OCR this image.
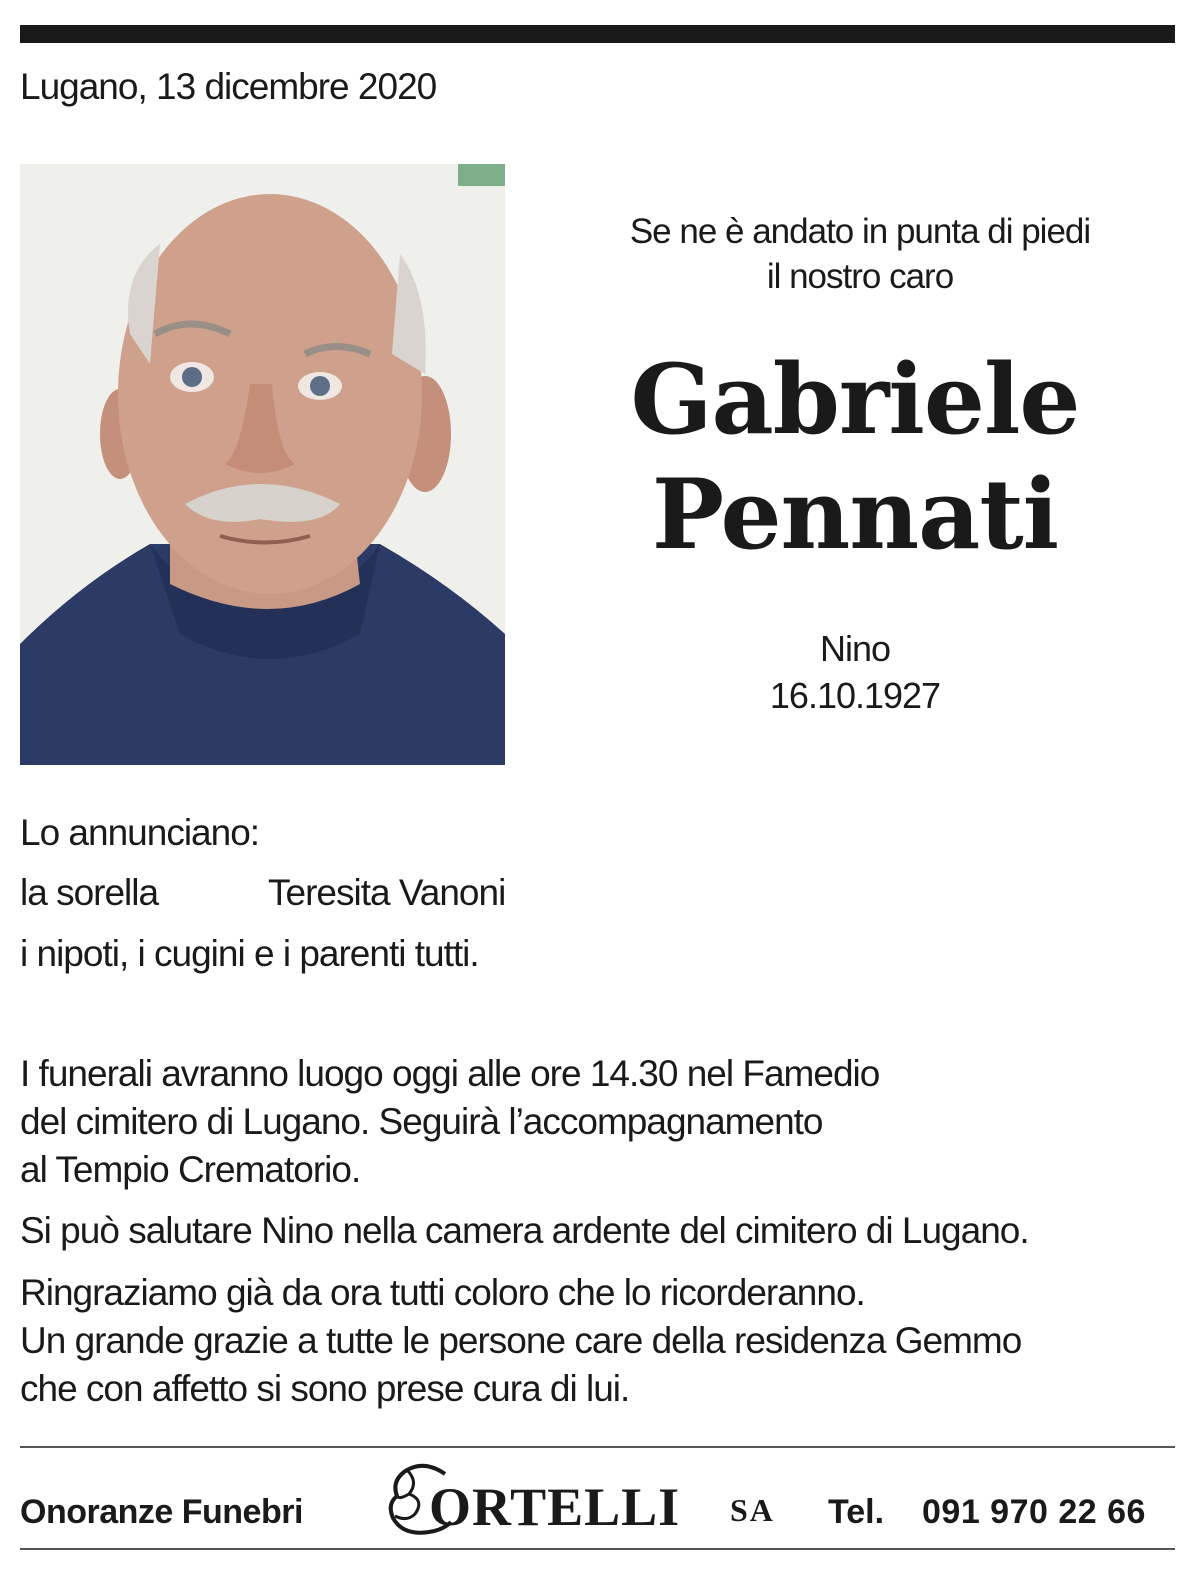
Lugano, 13 dicembre 2020
Se ne è andato in punta di piedi
il nostro caro
Gabriele
Pennati
Nino
16.10.1927
Lo annunciano:
la sorella	Teresita Vanoni
i nipoti, i cugini e i parenti tutti.
I funerali avranno luogo oggi alle ore 14.30 nel Famedio
del cimitero di Lugano. Seguirà l’accompagnamento
al Tempio Crematorio.
Si può salutare Nino nella camera ardente del cimitero di Lugano.
Ringraziamo già da ora tutti coloro che lo ricorderanno.
Un grande grazie a tutte le persone care della residenza Gemmo
che con affetto si sono prese cura di lui.
Onoranze Funebri ORTELLI SA Tel. 091 970 22 66
